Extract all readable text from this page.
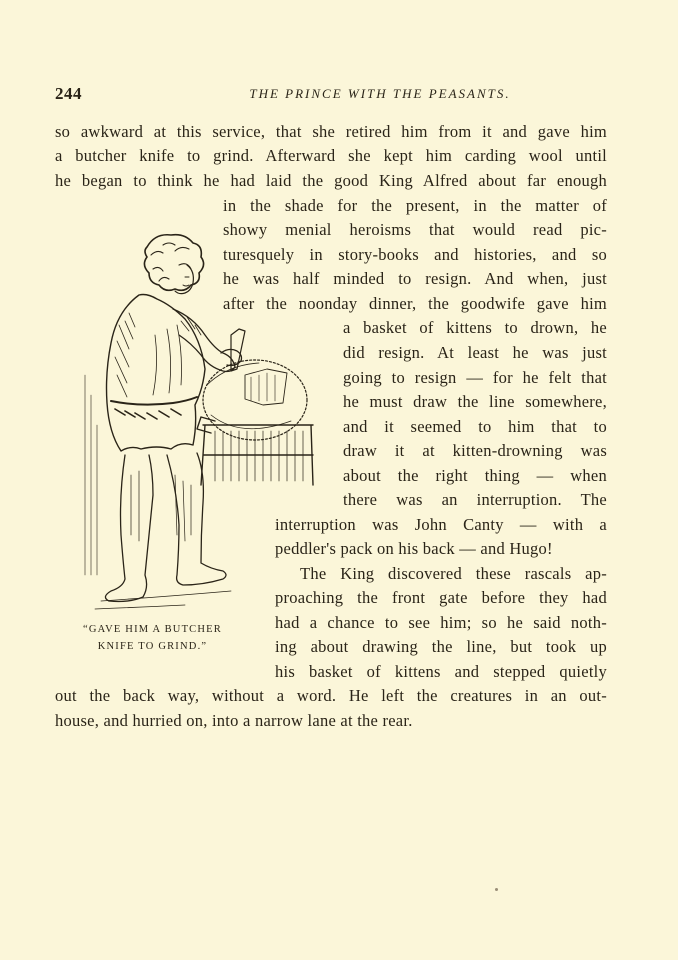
244	THE PRINCE WITH THE PEASANTS.
so awkward at this service, that she retired him from it and gave him
a butcher knife to grind. Afterward she kept him carding wool until
he began to think he had laid the good King Alfred about far enough
in the shade for the present, in the matter of
showy menial heroisms that would read pic-
turesquely in story-books and histories, and so
he was half minded to resign. And when, just
after the noonday dinner, the goodwife gave him
a basket of kittens to drown, he
did resign. At least he was just
going to resign — for he felt that
he must draw the line somewhere,
and it seemed to him that to
draw it at kitten-drowning was
about the right thing — when
there was an interruption. The
interruption was John Canty — with a
peddler's pack on his back — and Hugo!
The King discovered these rascals ap-
proaching the front gate before they had
had a chance to see him; so he said noth-
ing about drawing the line, but took up
his basket of kittens and stepped quietly
out the back way, without a word. He left the creatures in an out-
house, and hurried on, into a narrow lane at the rear.
“GAVE HIM A BUTCHER
KNIFE TO GRIND.”
